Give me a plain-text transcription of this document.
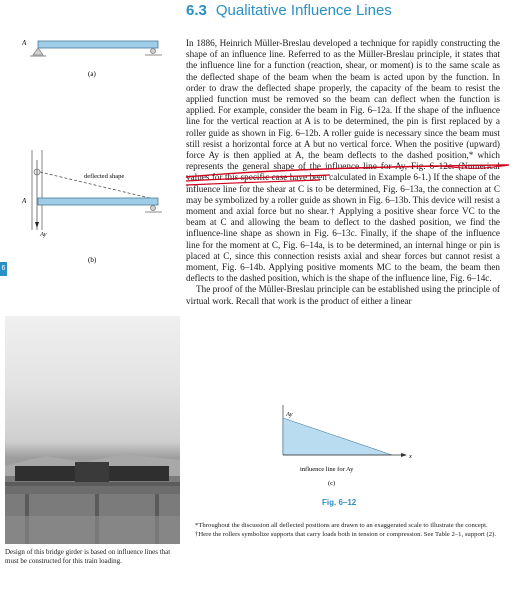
6.3 Qualitative Influence Lines

In 1886, Heinrich Müller-Breslau developed a technique for rapidly constructing the shape of an influence line. Referred to as the Müller-Breslau principle, it states that the influence line for a function (reaction, shear, or moment) is to the same scale as the deflected shape of the beam when the beam is acted upon by the function. In order to draw the deflected shape properly, the capacity of the beam to resist the applied function must be removed so the beam can deflect when the function is applied. For example, consider the beam in Fig. 6–12a. If the shape of the influence line for the vertical reaction at A is to be determined, the pin is first replaced by a roller guide as shown in Fig. 6–12b. A roller guide is necessary since the beam must still resist a horizontal force at A but no vertical force. When the positive (upward) force Ay is then applied at A, the beam deflects to the dashed position,* which represents the general shape of the influence line for Ay, Fig. 6–12c. (Numerical values for this specific case have been calculated in Example 6-1.) If the shape of the influence line for the shear at C is to be determined, Fig. 6–13a, the connection at C may be symbolized by a roller guide as shown in Fig. 6–13b. This device will resist a moment and axial force but no shear.† Applying a positive shear force VC to the beam at C and allowing the beam to deflect to the dashed position, we find the influence-line shape as shown in Fig. 6–13c. Finally, if the shape of the influence line for the moment at C, Fig. 6–14a, is to be determined, an internal hinge or pin is placed at C, since this connection resists axial and shear forces but cannot resist a moment, Fig. 6–14b. Applying positive moments MC to the beam, the beam then deflects to the dashed position, which is the shape of the influence line, Fig. 6–14c.

The proof of the Müller-Breslau principle can be established using the principle of virtual work. Recall that work is the product of either a linear

A
(a)
deflected shape
A
Ay
(b)
6
Design of this bridge girder is based on influence lines that must be constructed for this train loading.
Ay
x
influence line for Ay
(c)
Fig. 6–12

*Throughout the discussion all deflected positions are drawn to an exaggerated scale to illustrate the concept.

†Here the rollers symbolize supports that carry loads both in tension or compression. See Table 2–1, support (2).
